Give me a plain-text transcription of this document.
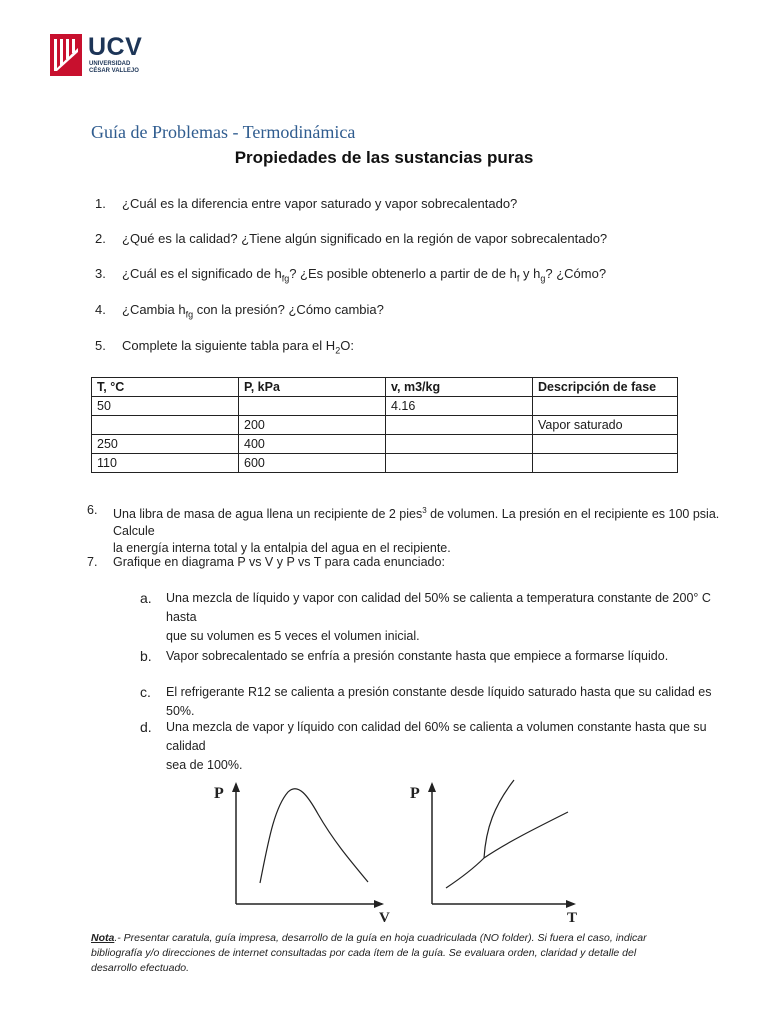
UCV
UNIVERSIDAD
CÉSAR VALLEJO
Guía de Problemas - Termodinámica
Propiedades de las sustancias puras
1. ¿Cuál es la diferencia entre vapor saturado y vapor sobrecalentado?
2. ¿Qué es la calidad? ¿Tiene algún significado en la región de vapor sobrecalentado?
3. ¿Cuál es el significado de $h_{fg}$? ¿Es posible obtenerlo a partir de de $h_f$ y $h_g$? ¿Cómo?
4. ¿Cambia $h_{fg}$ con la presión? ¿Cómo cambia?
5. Complete la siguiente tabla para el $H_2O$:
T, °C	P, kPa	v, m3/kg	Descripción de fase
50		4.16	
	200		Vapor saturado
250	400		
110	600		
6. Una libra de masa de agua llena un recipiente de 2 pies$^3$ de volumen. La presión en el recipiente es 100 psia. Calcule
la energía interna total y la entalpia del agua en el recipiente.
7. Grafique en diagrama P vs V y P vs T para cada enunciado:
a. Una mezcla de líquido y vapor con calidad del 50% se calienta a temperatura constante de 200° C hasta
que su volumen es 5 veces el volumen inicial.
b. Vapor sobrecalentado se enfría a presión constante hasta que empiece a formarse líquido.
c. El refrigerante R12 se calienta a presión constante desde líquido saturado hasta que su calidad es 50%.
d. Una mezcla de vapor y líquido con calidad del 60% se calienta a volumen constante hasta que su calidad
sea de 100%.
P
V
P
T
Nota.- Presentar caratula, guía impresa, desarrollo de la guía en hoja cuadriculada (NO folder). Si fuera el caso, indicar bibliografía y/o direcciones de internet consultadas por cada ítem de la guía. Se evaluara orden, claridad y detalle del desarrollo efectuado.
